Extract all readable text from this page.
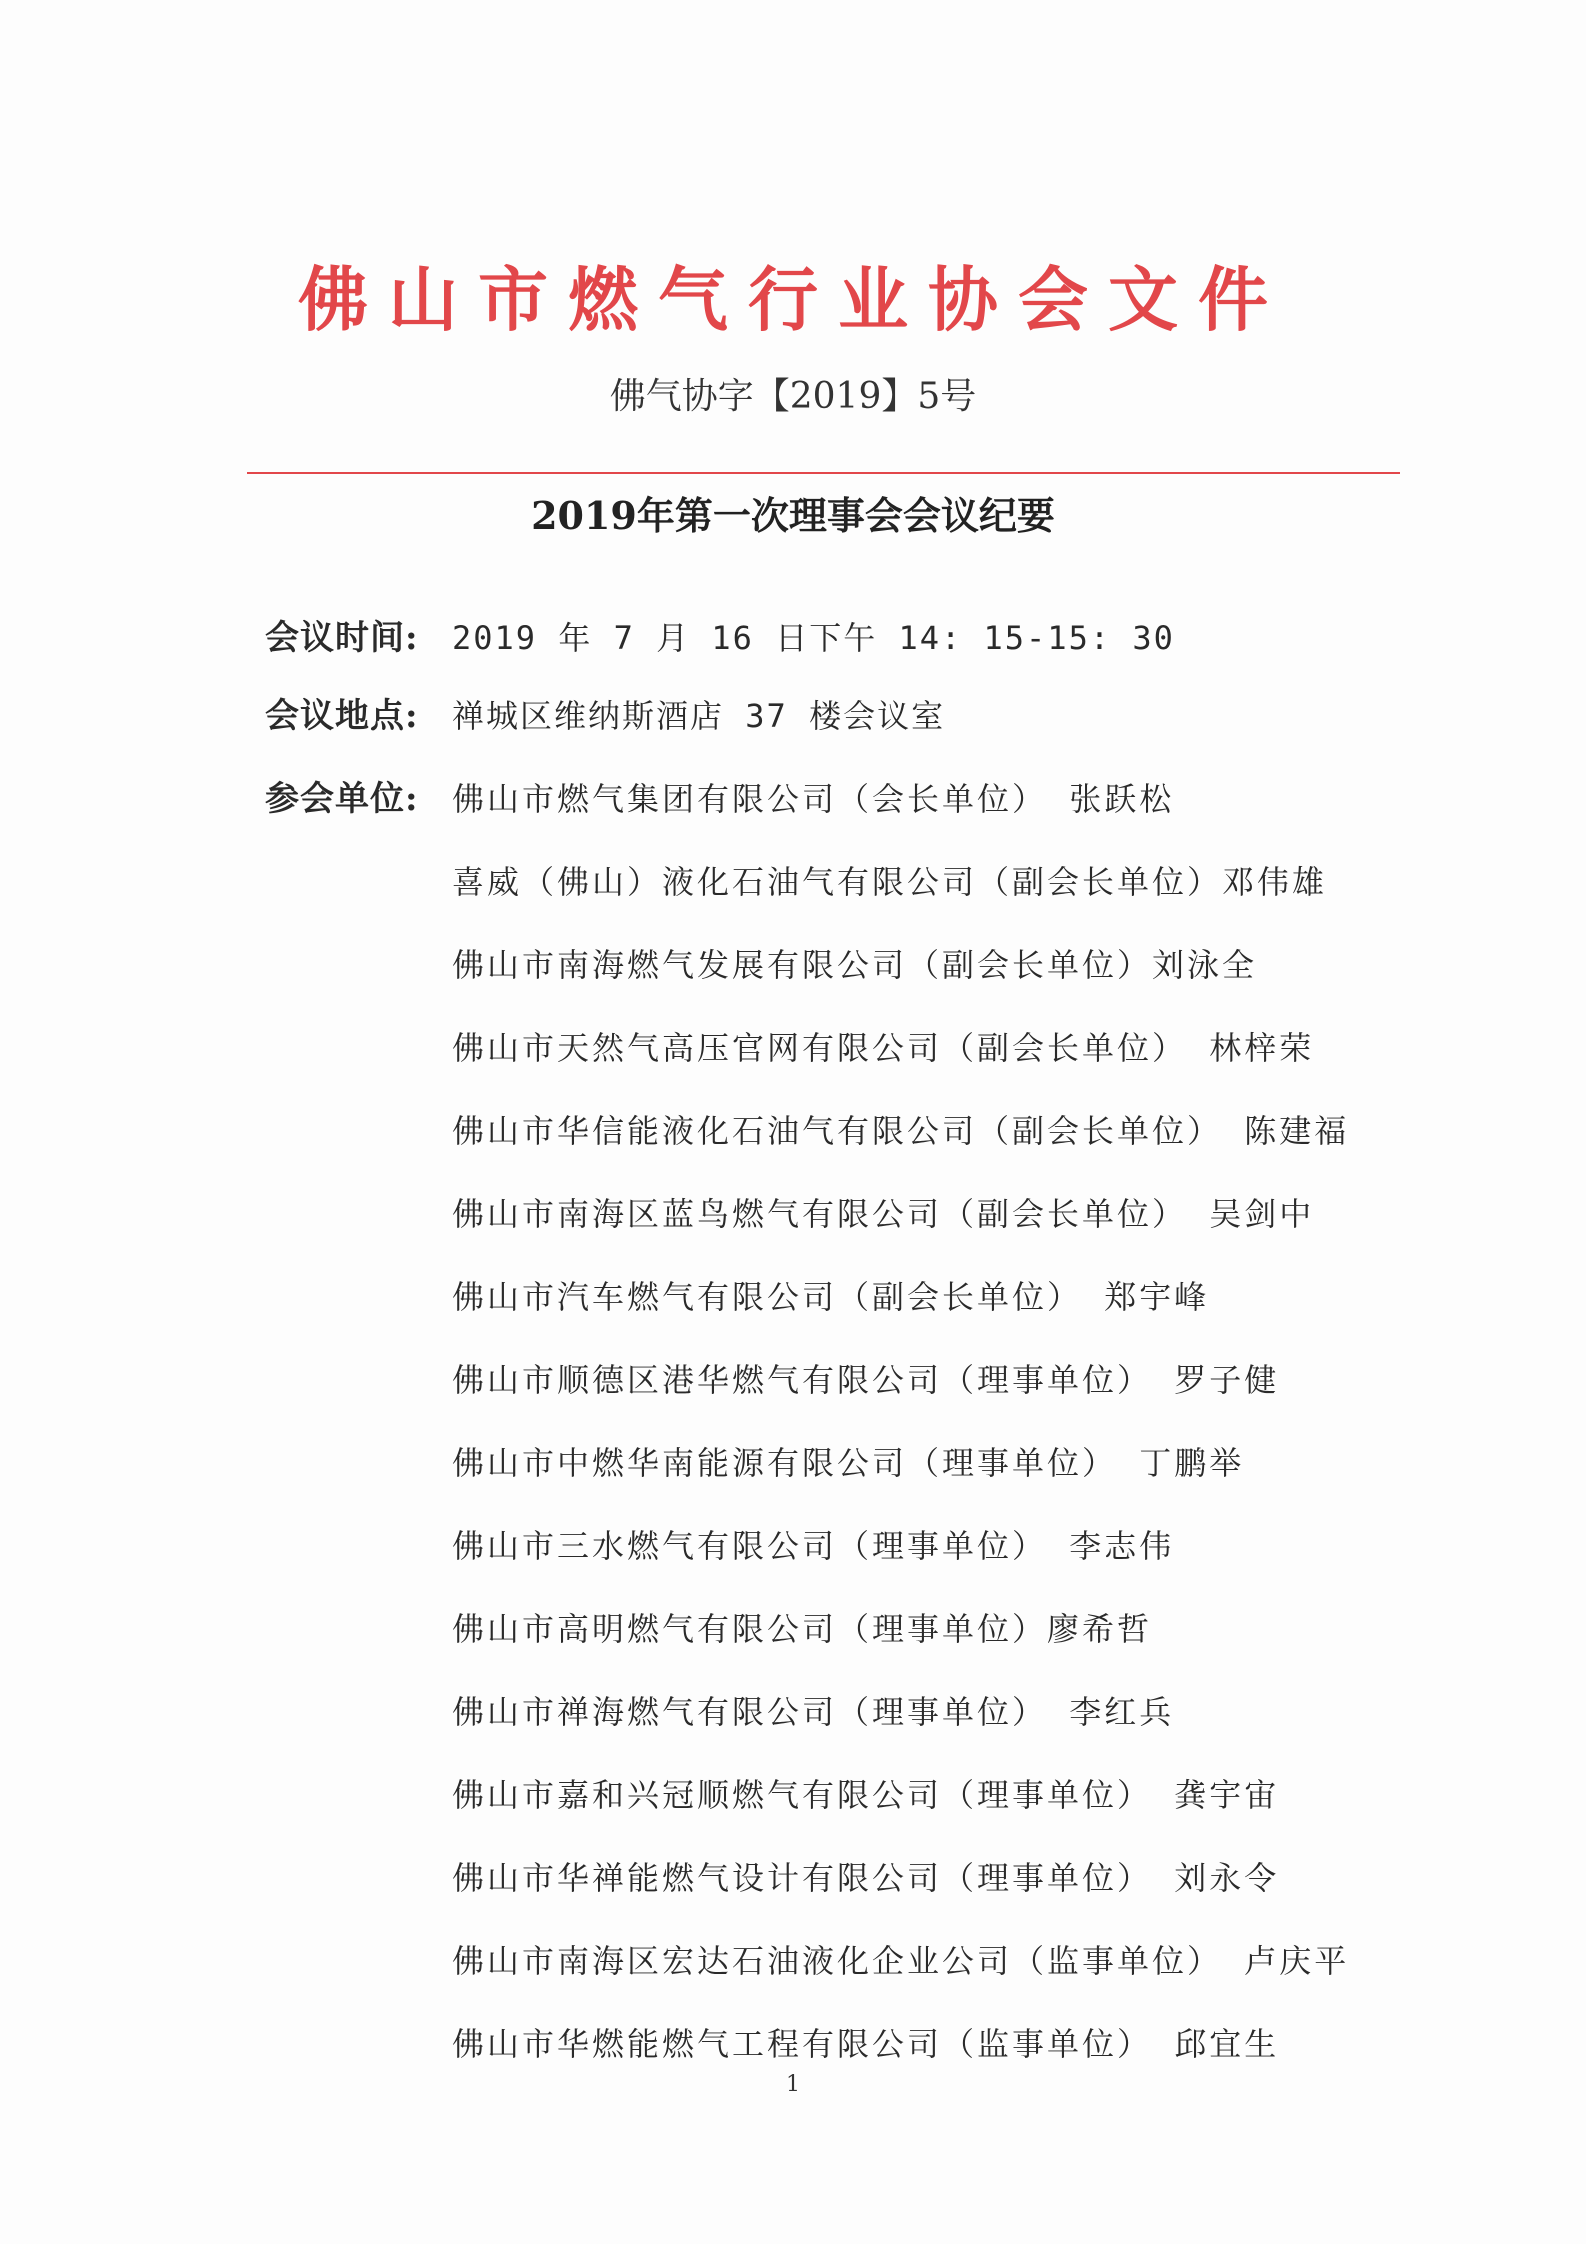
佛山市燃气行业协会文件
佛气协字【2019】5号
2019年第一次理事会会议纪要
会议时间: 2019 年 7 月 16 日下午 14: 15-15: 30
会议地点: 禅城区维纳斯酒店 37 楼会议室
参会单位:	佛山市燃气集团有限公司（会长单位） 张跃松
喜威（佛山）液化石油气有限公司（副会长单位）邓伟雄
佛山市南海燃气发展有限公司（副会长单位）刘泳全
佛山市天然气高压官网有限公司（副会长单位） 林梓荣
佛山市华信能液化石油气有限公司（副会长单位） 陈建福
佛山市南海区蓝鸟燃气有限公司（副会长单位） 吴剑中
佛山市汽车燃气有限公司（副会长单位） 郑宇峰
佛山市顺德区港华燃气有限公司（理事单位） 罗子健
佛山市中燃华南能源有限公司（理事单位） 丁鹏举
佛山市三水燃气有限公司（理事单位） 李志伟
佛山市高明燃气有限公司（理事单位）廖希哲
佛山市禅海燃气有限公司（理事单位） 李红兵
佛山市嘉和兴冠顺燃气有限公司（理事单位） 龚宇宙
佛山市华禅能燃气设计有限公司（理事单位） 刘永令
佛山市南海区宏达石油液化企业公司（监事单位） 卢庆平
佛山市华燃能燃气工程有限公司（监事单位） 邱宜生
1
